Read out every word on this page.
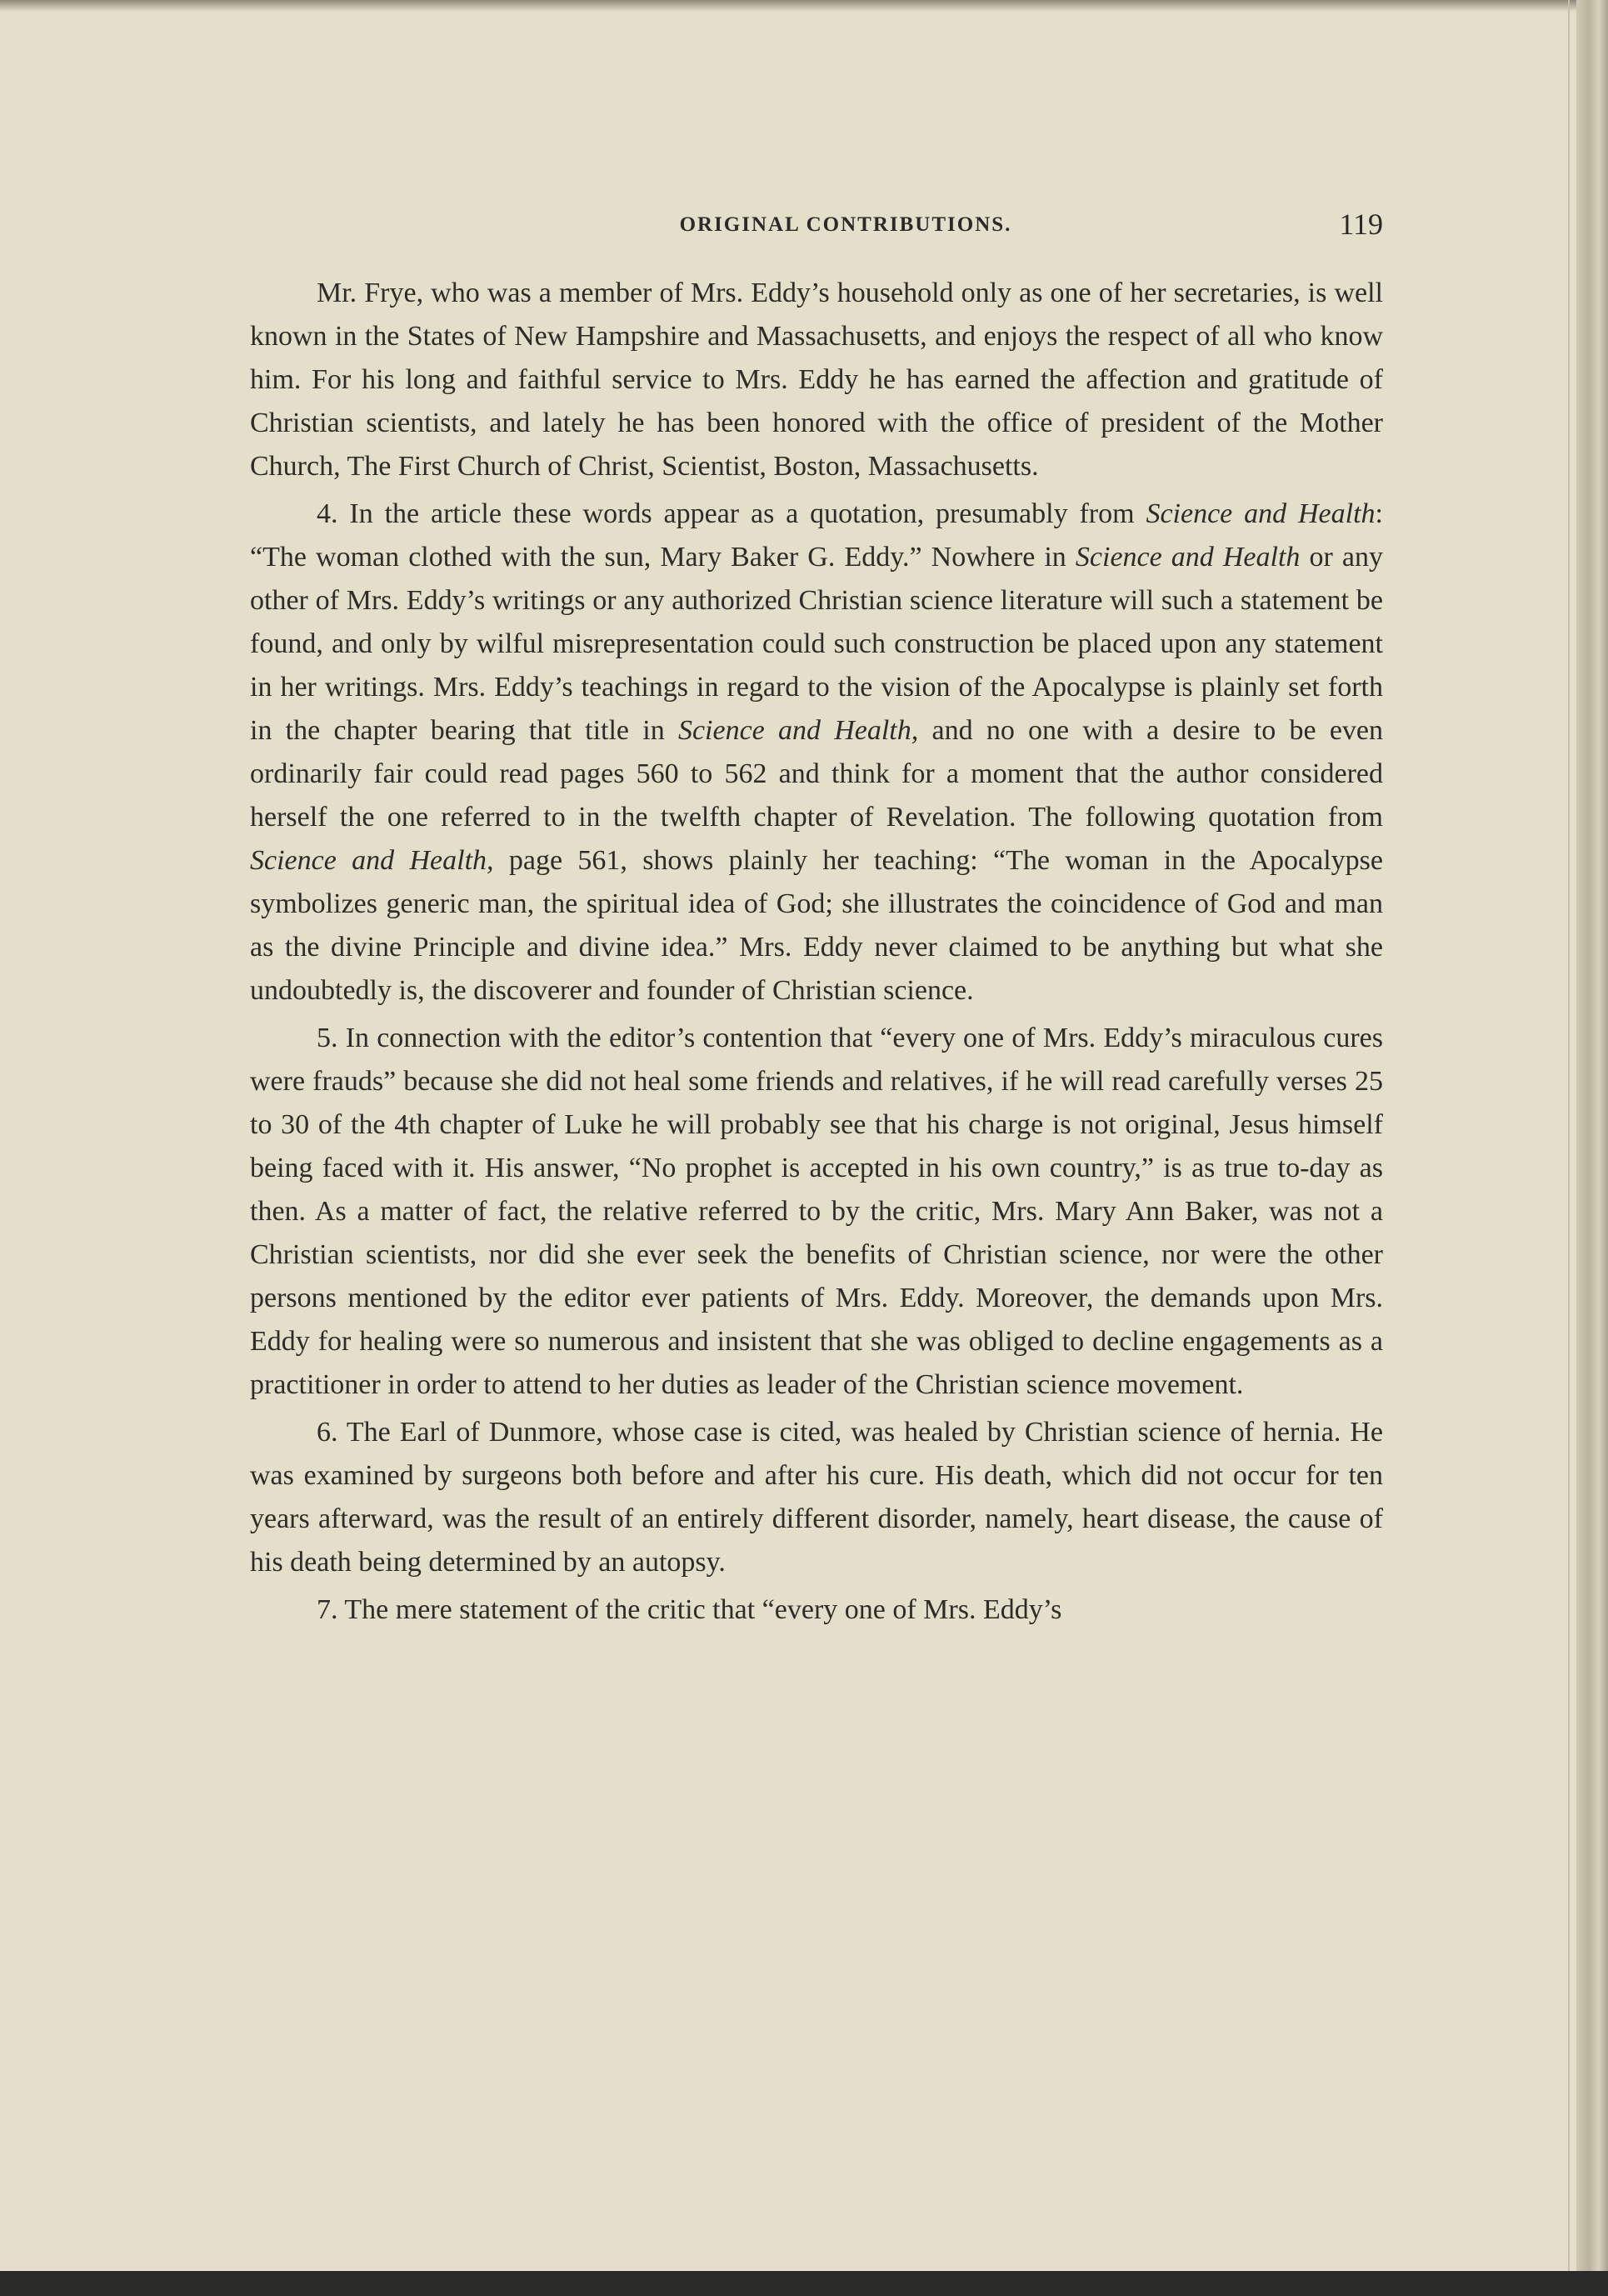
ORIGINAL CONTRIBUTIONS.	119

Mr. Frye, who was a member of Mrs. Eddy’s household only as one of her secretaries, is well known in the States of New Hampshire and Massachusetts, and enjoys the respect of all who know him. For his long and faithful service to Mrs. Eddy he has earned the affection and gratitude of Christian scientists, and lately he has been honored with the office of president of the Mother Church, The First Church of Christ, Scientist, Boston, Massachusetts.

4. In the article these words appear as a quotation, presumably from Science and Health: “The woman clothed with the sun, Mary Baker G. Eddy.” Nowhere in Science and Health or any other of Mrs. Eddy’s writings or any authorized Christian science literature will such a statement be found, and only by wilful misrepresentation could such construction be placed upon any statement in her writings. Mrs. Eddy’s teachings in regard to the vision of the Apocalypse is plainly set forth in the chapter bearing that title in Science and Health, and no one with a desire to be even ordinarily fair could read pages 560 to 562 and think for a moment that the author considered herself the one referred to in the twelfth chapter of Revelation. The following quotation from Science and Health, page 561, shows plainly her teaching: “The woman in the Apocalypse symbolizes generic man, the spiritual idea of God; she illustrates the coincidence of God and man as the divine Principle and divine idea.” Mrs. Eddy never claimed to be anything but what she undoubtedly is, the discoverer and founder of Christian science.

5. In connection with the editor’s contention that “every one of Mrs. Eddy’s miraculous cures were frauds” because she did not heal some friends and relatives, if he will read carefully verses 25 to 30 of the 4th chapter of Luke he will probably see that his charge is not original, Jesus himself being faced with it. His answer, “No prophet is accepted in his own country,” is as true to-day as then. As a matter of fact, the relative referred to by the critic, Mrs. Mary Ann Baker, was not a Christian scientists, nor did she ever seek the benefits of Christian science, nor were the other persons mentioned by the editor ever patients of Mrs. Eddy. Moreover, the demands upon Mrs. Eddy for healing were so numerous and insistent that she was obliged to decline engagements as a practitioner in order to attend to her duties as leader of the Christian science movement.

6. The Earl of Dunmore, whose case is cited, was healed by Christian science of hernia. He was examined by surgeons both before and after his cure. His death, which did not occur for ten years afterward, was the result of an entirely different disorder, namely, heart disease, the cause of his death being determined by an autopsy.

7. The mere statement of the critic that “every one of Mrs. Eddy’s
